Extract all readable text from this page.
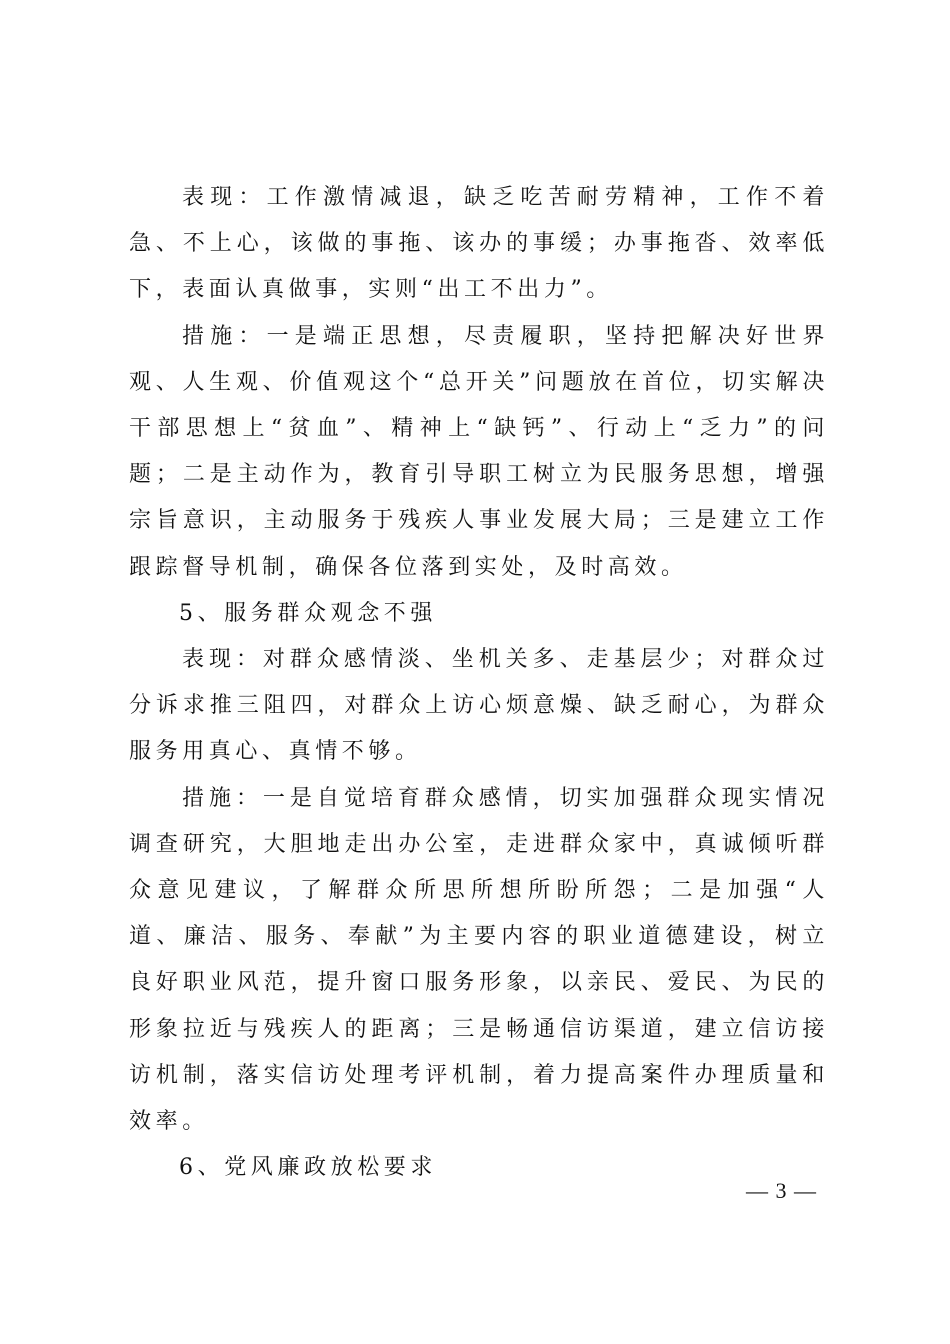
表现：工作激情减退，缺乏吃苦耐劳精神，工作不着急、不上心，该做的事拖、该办的事缓；办事拖沓、效率低下，表面认真做事，实则“出工不出力”。

措施：一是端正思想，尽责履职，坚持把解决好世界观、人生观、价值观这个“总开关”问题放在首位，切实解决干部思想上“贫血”、精神上“缺钙”、行动上“乏力”的问题；二是主动作为，教育引导职工树立为民服务思想，增强宗旨意识，主动服务于残疾人事业发展大局；三是建立工作跟踪督导机制，确保各位落到实处，及时高效。

5、服务群众观念不强

表现：对群众感情淡、坐机关多、走基层少；对群众过分诉求推三阻四，对群众上访心烦意燥、缺乏耐心，为群众服务用真心、真情不够。

措施：一是自觉培育群众感情，切实加强群众现实情况调查研究，大胆地走出办公室，走进群众家中，真诚倾听群众意见建议，了解群众所思所想所盼所怨；二是加强“人道、廉洁、服务、奉献”为主要内容的职业道德建设，树立良好职业风范，提升窗口服务形象，以亲民、爱民、为民的形象拉近与残疾人的距离；三是畅通信访渠道，建立信访接访机制，落实信访处理考评机制，着力提高案件办理质量和效率。

6、党风廉政放松要求

— 3 —
